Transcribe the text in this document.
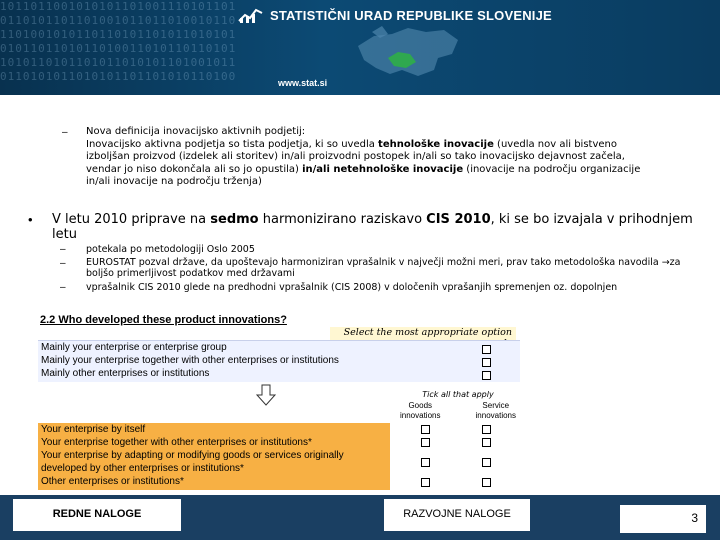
1011011001010101101001110101101
0110101101101001011011010010110
1101001010110110101101011010101
0101101101011010011010110110101
1010110101101011010101101001011
0110101011010101101101010110100
STATISTIČNI URAD REPUBLIKE SLOVENIJE
www.stat.si
– Nova definicija inovacijsko aktivnih podjetij:
Inovacijsko aktivna podjetja so tista podjetja, ki so uvedla tehnološke inovacije (uvedla nov ali bistveno
izboljšan proizvod (izdelek ali storitev) in/ali proizvodni postopek in/ali so tako inovacijsko dejavnost začela,
vendar jo niso dokončala ali so jo opustila) in/ali netehnološke inovacije (inovacije na področju organizacije
in/ali inovacije na področju trženja)
• V letu 2010 priprave na sedmo harmonizirano raziskavo CIS 2010, ki se bo izvajala v prihodnjem
letu
– potekala po metodologiji Oslo 2005
– EUROSTAT pozval države, da upoštevajo harmoniziran vprašalnik v največji možni meri, prav tako metodološka navodila →za
boljšo primerljivost podatkov med državami
– vprašalnik CIS 2010 glede na predhodni vprašalnik (CIS 2008) v določenih vprašanjih spremenjen oz. dopolnjen
2.2 Who developed these product innovations?
Select the most appropriate option
Mainly your enterprise or enterprise group
Mainly your enterprise together with other enterprises or institutions
Mainly other enterprises or institutions
Tick all that apply
Goods
innovations
Service
innovations
Your enterprise by itself
Your enterprise together with other enterprises or institutions*
Your enterprise by adapting or modifying goods or services originally
developed by other enterprises or institutions*
Other enterprises or institutions*
REDNE NALOGE	RAZVOJNE NALOGE	3
